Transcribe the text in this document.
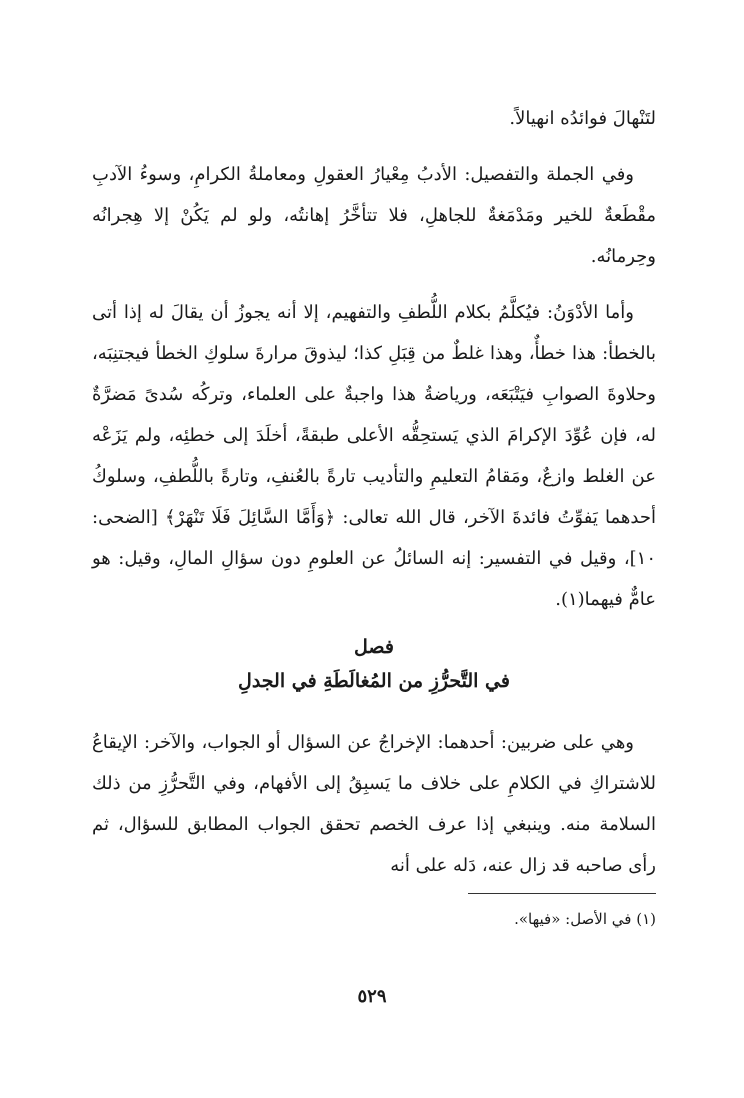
لتَنْهالَ فوائدُه انهيالاً.

وفي الجملة والتفصيل: الأدبُ مِعْيارُ العقولِ ومعاملةُ الكرامِ، وسوءُ الآدبِ مقْطَعةٌ للخير ومَدْمَغةٌ للجاهلِ، فلا تتأخَّرُ إهانتُه، ولو لم يَكُنْ إلا هِجرانُه وحِرمانُه.

وأما الأدْوَنُ: فيُكلَّمُ بكلام اللُّطفِ والتفهيم، إلا أنه يجوزُ أن يقالَ له إذا أتى بالخطأ: هذا خطأٌ، وهذا غلطٌ من قِبَلِ كذا؛ ليذوقَ مرارةَ سلوكِ الخطأ فيجتنِبَه، وحلاوةَ الصوابِ فيَتْبَعَه، ورياضةُ هذا واجبةٌ على العلماء، وتركُه سُدىً مَضرَّةٌ له، فإن عُوِّدَ الإكرامَ الذي يَستحِقُّه الأعلى طبقةً، أخلَدَ إلى خطئِه، ولم يَزَعْه عن الغلط وازعٌ، ومَقامُ التعليمِ والتأديب تارةً بالعُنفِ، وتارةً باللُّطفِ، وسلوكُ أحدهما يَفوِّتُ فائدةَ الآخر، قال الله تعالى: ﴿وَأَمَّا السَّائِلَ فَلَا تَنْهَرْ﴾ [الضحى: ١٠]، وقيل في التفسير: إنه السائلُ عن العلومِ دون سؤالِ المالِ، وقيل: هو عامٌّ فيهما(١).

فصل
في التَّحرُّزِ من المُغالَطَةِ في الجدلِ

وهي على ضربين: أحدهما: الإخراجُ عن السؤال أو الجواب، والآخر: الإيقاعُ للاشتراكِ في الكلامِ على خلاف ما يَسبِقُ إلى الأفهام، وفي التَّحرُّزِ من ذلك السلامة منه. وينبغي إذا عرف الخصم تحقق الجواب المطابق للسؤال، ثم رأى صاحبه قد زال عنه، دَله على أنه

(١) في الأصل: «فيها».
٥٢٩
